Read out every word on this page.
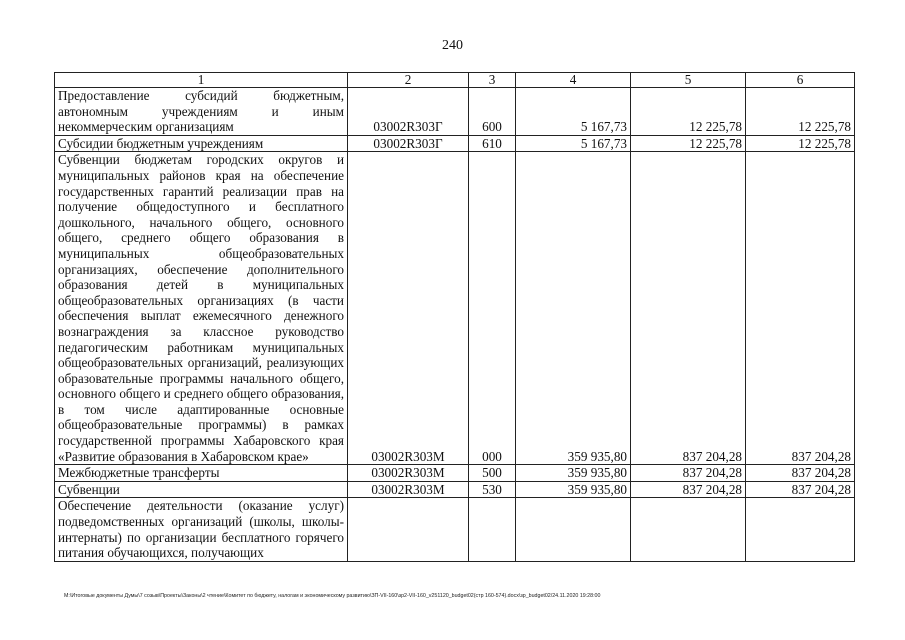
240
1	2	3	4	5	6
Предоставление субсидий бюджетным, автономным учреждениям и иным некоммерческим организациям	03002R303Г	600	5 167,73	12 225,78	12 225,78
Субсидии бюджетным учреждениям	03002R303Г	610	5 167,73	12 225,78	12 225,78
Субвенции бюджетам городских округов и муниципальных районов края на обеспечение государственных гарантий реализации прав на получение общедоступного и бесплатного дошкольного, начального общего, основного общего, среднего общего образования в муниципальных общеобразовательных организациях, обеспечение дополнительного образования детей в муниципальных общеобразовательных организациях (в части обеспечения выплат ежемесячного денежного вознаграждения за классное руководство педагогическим работникам муниципальных общеобразовательных организаций, реализующих образовательные программы начального общего, основного общего и среднего общего образования, в том числе адаптированные основные общеобразовательные программы) в рамках государственной программы Хабаровского края «Развитие образования в Хабаровском крае»	03002R303М	000	359 935,80	837 204,28	837 204,28
Межбюджетные трансферты	03002R303М	500	359 935,80	837 204,28	837 204,28
Субвенции	03002R303М	530	359 935,80	837 204,28	837 204,28
Обеспечение деятельности (оказание услуг) подведомственных организаций (школы, школы-интернаты) по организации бесплатного горячего питания обучающихся, получающих					
M:\Итоговые документы Думы\7 созыв\Проекты\Законы\2 чтение\Комитет по бюджету, налогам и экономическому развитию\ЗП-VII-160\зр2-VII-160_v251120_budget02(стр 160-574).docx\зр_budget02/24.11.2020 19:28:00
